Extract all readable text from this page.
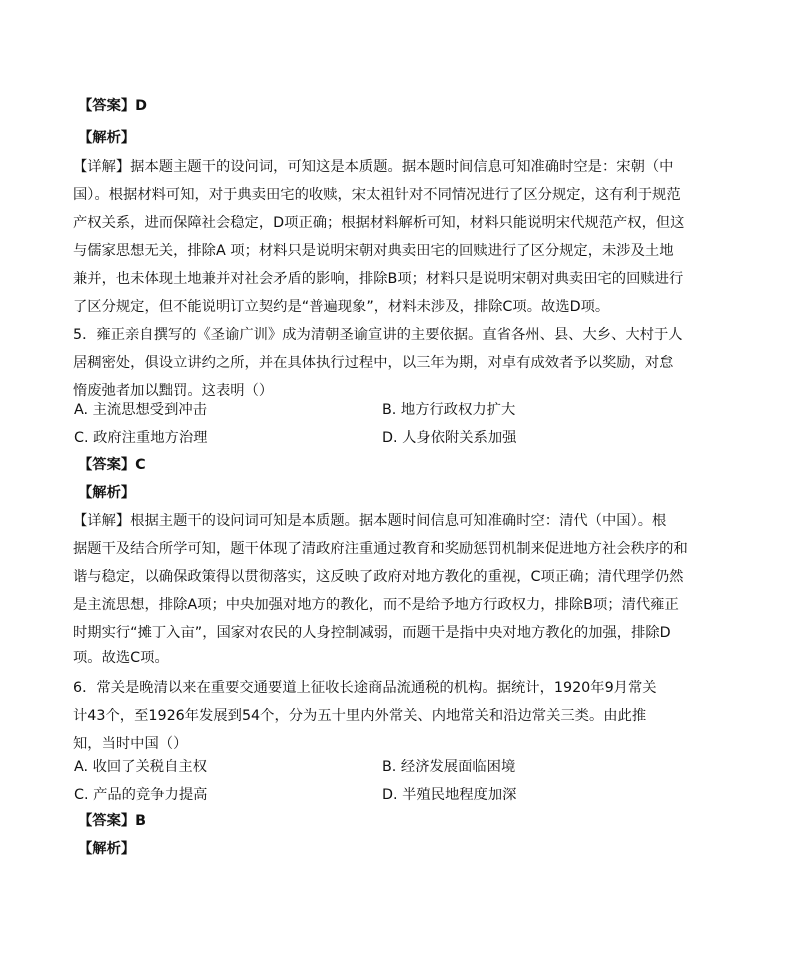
【答案】D
【解析】
【详解】据本题主题干的设问词，可知这是本质题。据本题时间信息可知准确时空是：宋朝（中
国）。根据材料可知，对于典卖田宅的收赎，宋太祖针对不同情况进行了区分规定，这有利于规范
产权关系，进而保障社会稳定，D项正确；根据材料解析可知，材料只能说明宋代规范产权，但这
与儒家思想无关，排除A 项；材料只是说明宋朝对典卖田宅的回赎进行了区分规定，未涉及土地
兼并，也未体现土地兼并对社会矛盾的影响，排除B项；材料只是说明宋朝对典卖田宅的回赎进行
了区分规定，但不能说明订立契约是“普遍现象”，材料未涉及，排除C项。故选D项。
5．雍正亲自撰写的《圣谕广训》成为清朝圣谕宣讲的主要依据。直省各州、县、大乡、大村于人
居稠密处，俱设立讲约之所，并在具体执行过程中，以三年为期，对卓有成效者予以奖励，对怠
惰废弛者加以黜罚。这表明（）
A. 主流思想受到冲击	B. 地方行政权力扩大
C. 政府注重地方治理	D. 人身依附关系加强
【答案】C
【解析】
【详解】根据主题干的设问词可知是本质题。据本题时间信息可知准确时空：清代（中国）。根
据题干及结合所学可知，题干体现了清政府注重通过教育和奖励惩罚机制来促进地方社会秩序的和
谐与稳定，以确保政策得以贯彻落实，这反映了政府对地方教化的重视，C项正确；清代理学仍然
是主流思想，排除A项；中央加强对地方的教化，而不是给予地方行政权力，排除B项；清代雍正
时期实行“摊丁入亩”，国家对农民的人身控制减弱，而题干是指中央对地方教化的加强，排除D
项。故选C项。
6．常关是晚清以来在重要交通要道上征收长途商品流通税的机构。据统计，1920年9月常关
计43个，至1926年发展到54个，分为五十里内外常关、内地常关和沿边常关三类。由此推
知，当时中国（）
A. 收回了关税自主权	B. 经济发展面临困境
C. 产品的竞争力提高	D. 半殖民地程度加深
【答案】B
【解析】
